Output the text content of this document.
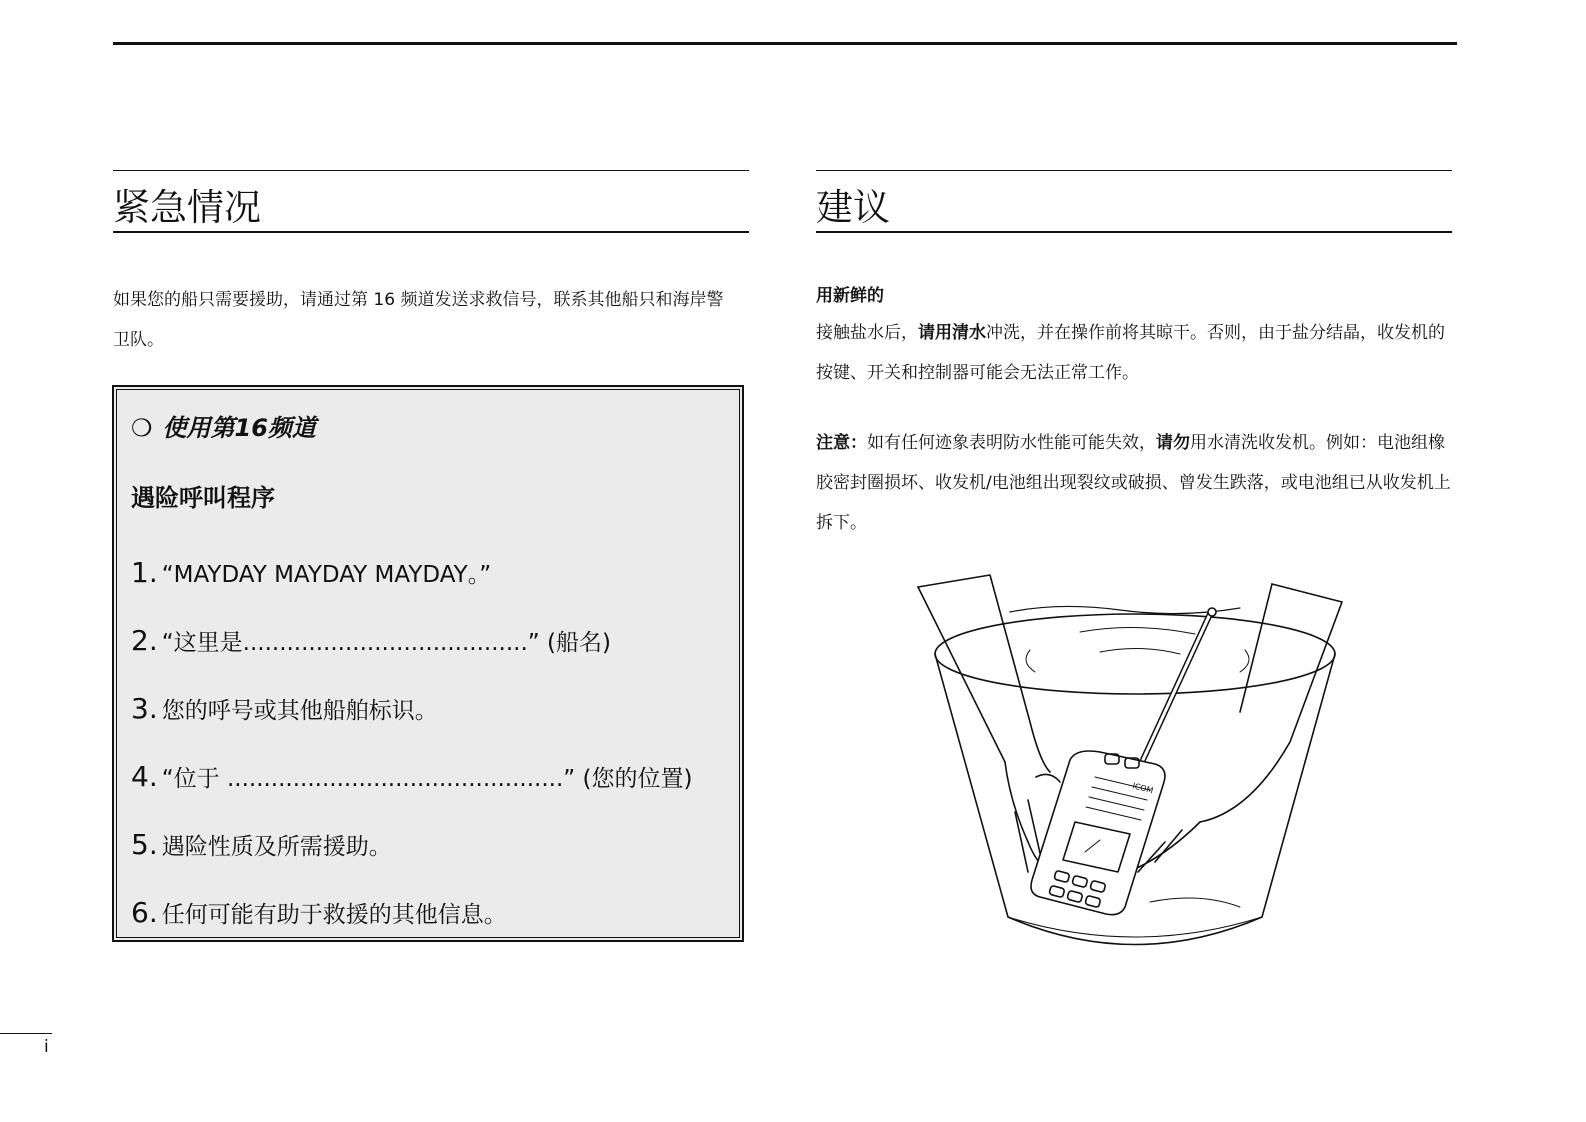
紧急情况

如果您的船只需要援助，请通过第 16 频道发送求救信号，联系其他船只和海岸警卫队。

❍ 使用第16频道
遇险呼叫程序
1. “MAYDAY MAYDAY MAYDAY。”
2. “这里是.......................................” (船名)
3. 您的呼号或其他船舶标识。
4. “位于 ..............................................” (您的位置)
5. 遇险性质及所需援助。
6. 任何可能有助于救援的其他信息。
建议
用新鲜的

接触盐水后，请用清水冲洗，并在操作前将其晾干。否则，由于盐分结晶，收发机的按键、开关和控制器可能会无法正常工作。

注意：如有任何迹象表明防水性能可能失效，请勿用水清洗收发机。例如：电池组橡胶密封圈损坏、收发机/电池组出现裂纹或破损、曾发生跌落，或电池组已从收发机上拆下。

ICOM
i
